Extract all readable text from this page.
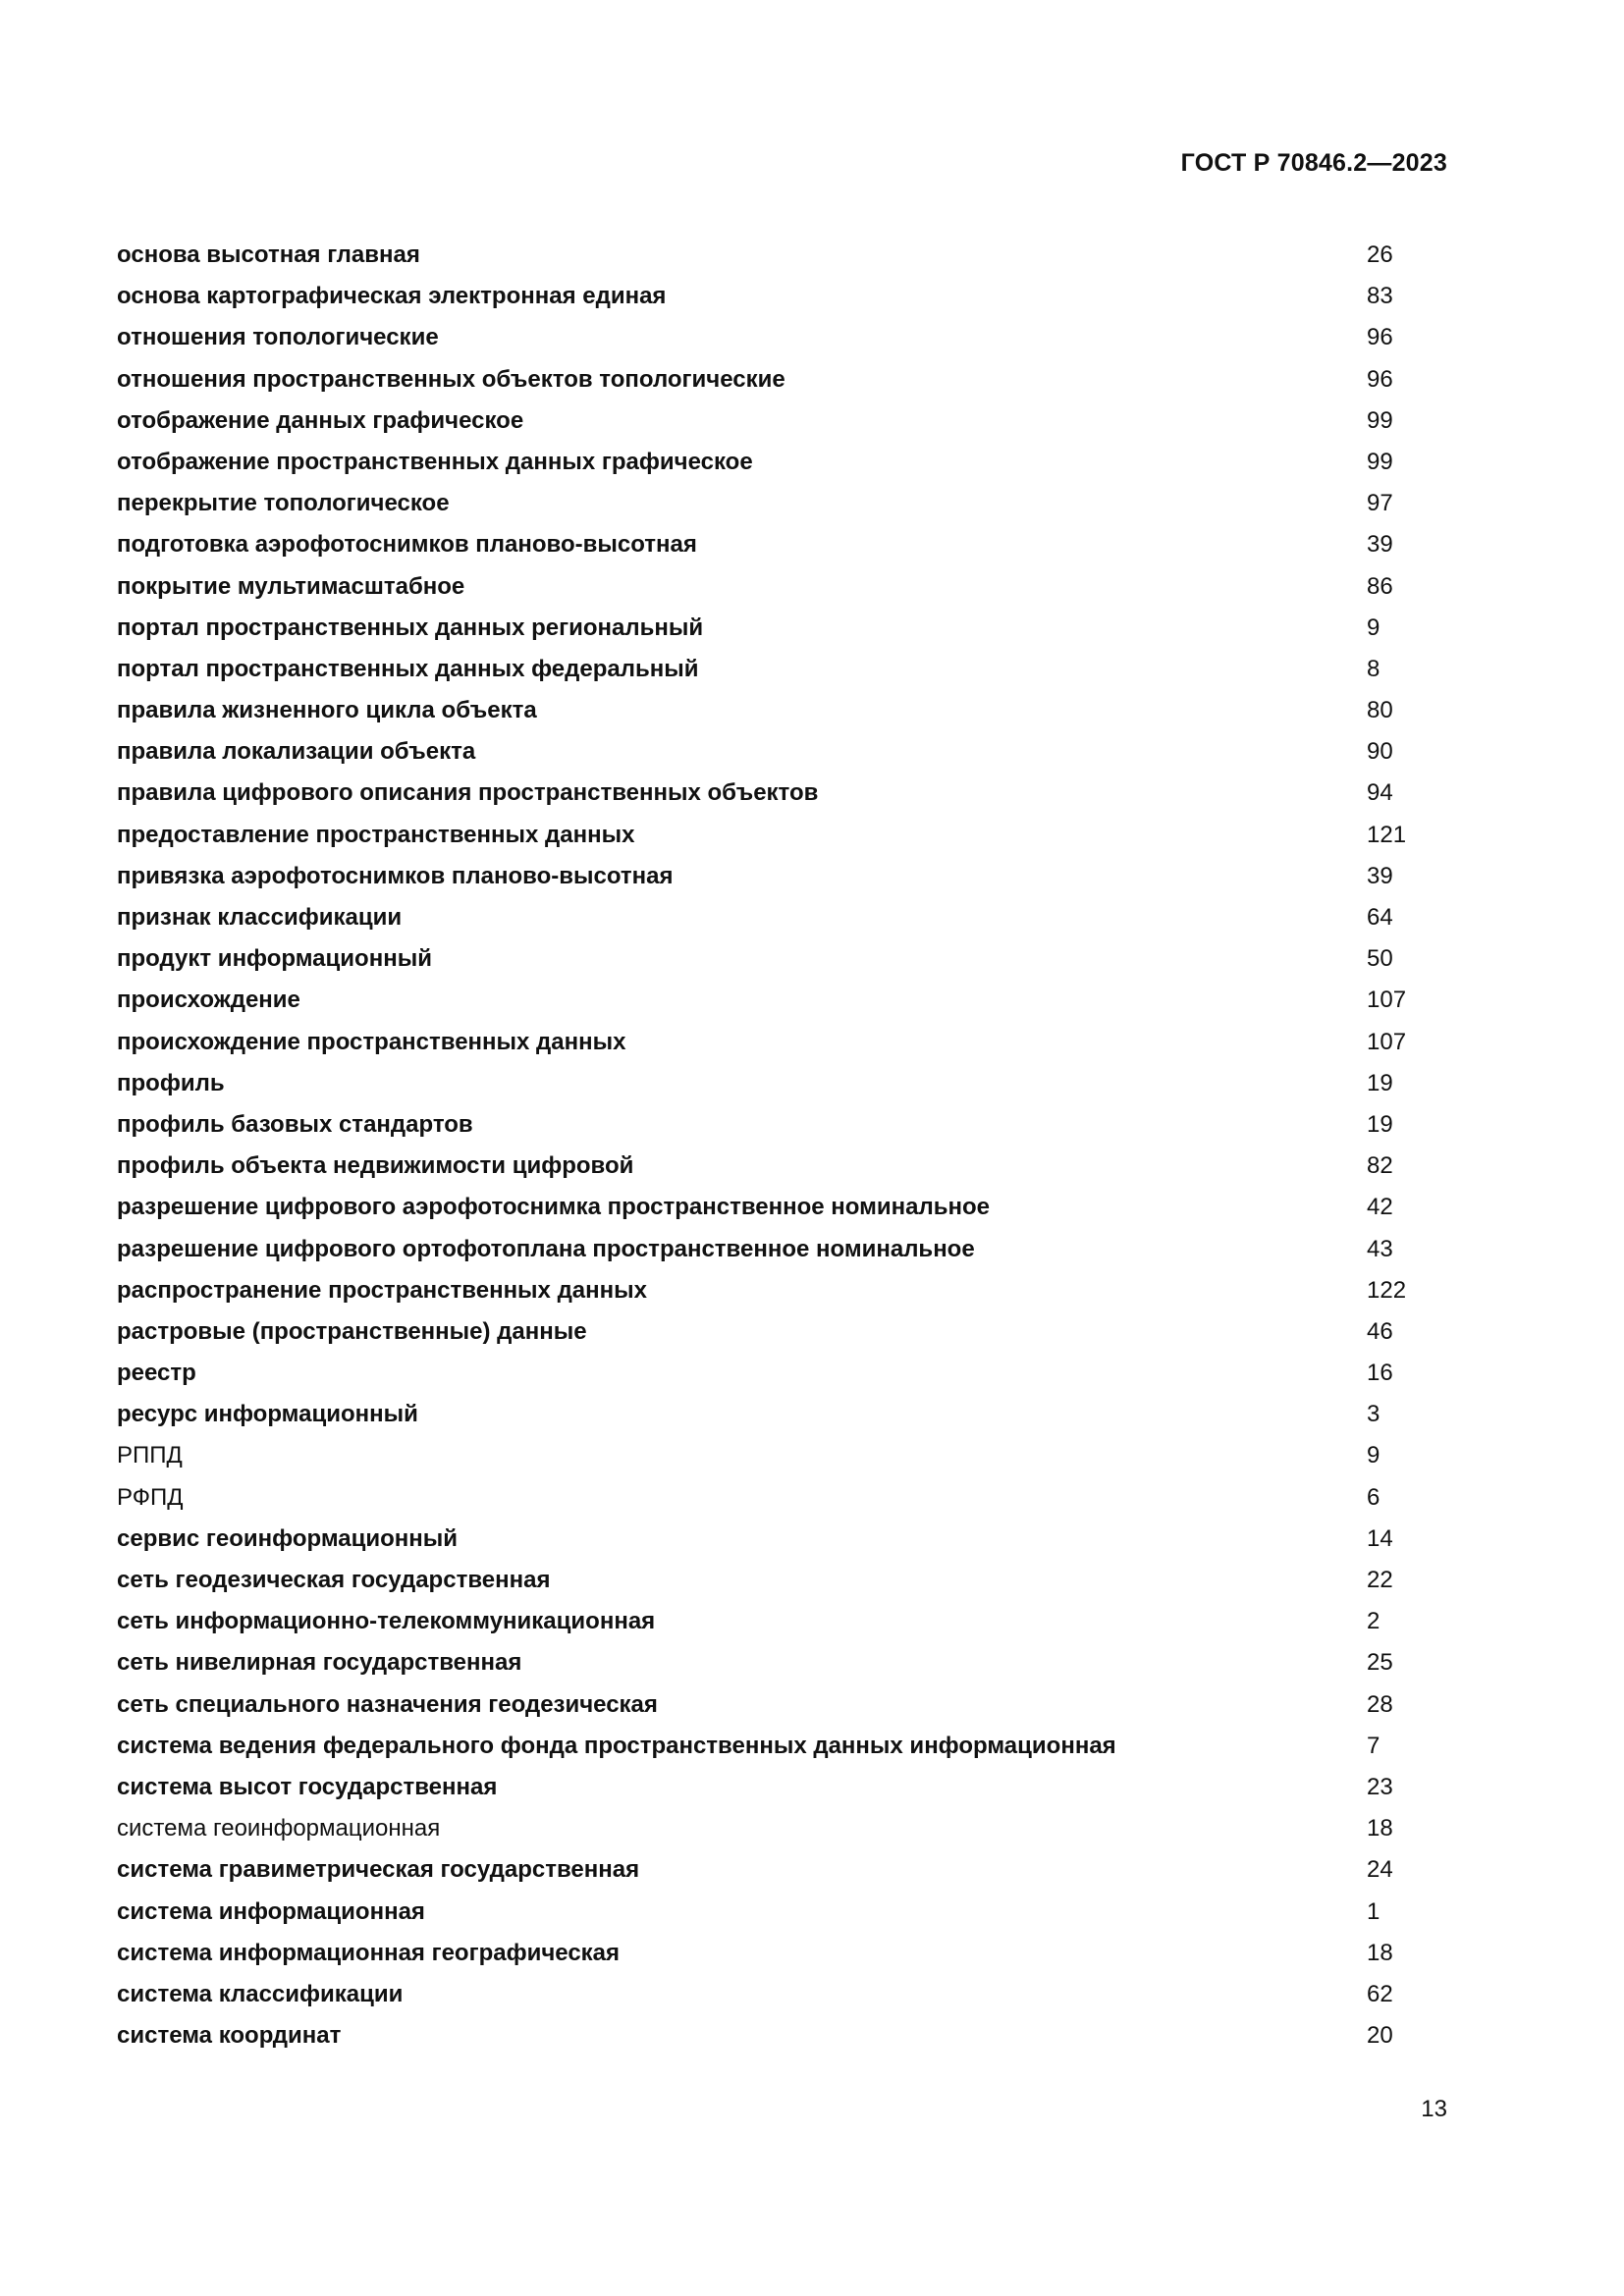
ГОСТ Р 70846.2—2023
основа высотная главная	26
основа картографическая электронная единая	83
отношения топологические	96
отношения пространственных объектов топологические	96
отображение данных графическое	99
отображение пространственных данных графическое	99
перекрытие топологическое	97
подготовка аэрофотоснимков планово-высотная	39
покрытие мультимасштабное	86
портал пространственных данных региональный	9
портал пространственных данных федеральный	8
правила жизненного цикла объекта	80
правила локализации объекта	90
правила цифрового описания пространственных объектов	94
предоставление пространственных данных	121
привязка аэрофотоснимков планово-высотная	39
признак классификации	64
продукт информационный	50
происхождение	107
происхождение пространственных данных	107
профиль	19
профиль базовых стандартов	19
профиль объекта недвижимости цифровой	82
разрешение цифрового аэрофотоснимка пространственное номинальное	42
разрешение цифрового ортофотоплана пространственное номинальное	43
распространение пространственных данных	122
растровые (пространственные) данные	46
реестр	16
ресурс информационный	3
РППД	9
РФПД	6
сервис геоинформационный	14
сеть геодезическая государственная	22
сеть информационно-телекоммуникационная	2
сеть нивелирная государственная	25
сеть специального назначения геодезическая	28
система ведения федерального фонда пространственных данных информационная	7
система высот государственная	23
система геоинформационная	18
система гравиметрическая государственная	24
система информационная	1
система информационная географическая	18
система классификации	62
система координат	20
13
